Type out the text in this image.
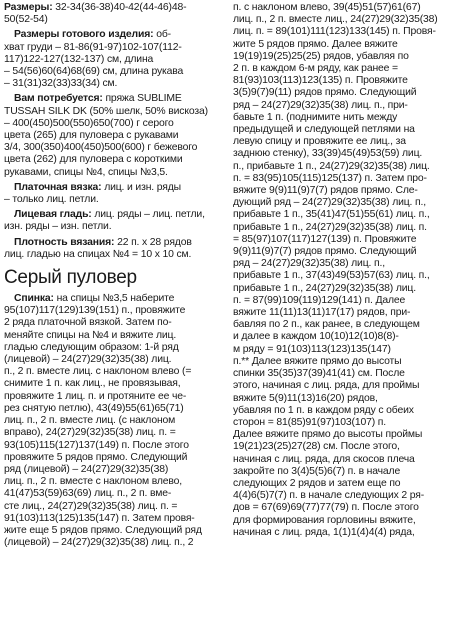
Размеры: 32-34(36-38)40-42(44-46)48-
50(52-54)
Размеры готового изделия: об-
хват груди – 81-86(91-97)102-107(112-
117)122-127(132-137) см, длина
– 54(56)60(64)68(69) см, длина рукава
– 31(31)32(33)33(34) см.
Вам потребуется: пряжа SUBLIME
TUSSAH SILK DK (50% шелк, 50% вискоза)
– 400(450)500(550)650(700) г серого
цвета (265) для пуловера с рукавами
3/4, 300(350)400(450)500(600) г бежевого
цвета (262) для пуловера с короткими
рукавами, спицы №4, спицы №3,5.
Платочная вязка: лиц. и изн. ряды
– только лиц. петли.
Лицевая гладь: лиц. ряды – лиц. петли,
изн. ряды – изн. петли.
Плотность вязания: 22 п. x 28 рядов
лиц. гладью на спицах №4 = 10 x 10 см.
Серый пуловер
Спинка: на спицы №3,5 наберите
95(107)117(129)139(151) п., провяжите
2 ряда платочной вязкой. Затем по-
меняйте спицы на №4 и вяжите лиц.
гладью следующим образом: 1-й ряд
(лицевой) – 24(27)29(32)35(38) лиц.
п., 2 п. вместе лиц. с наклоном влево (=
снимите 1 п. как лиц., не провязывая,
провяжите 1 лиц. п. и протяните ее че-
рез снятую петлю), 43(49)55(61)65(71)
лиц. п., 2 п. вместе лиц. (с наклоном
вправо), 24(27)29(32)35(38) лиц. п. =
93(105)115(127)137(149) п. После этого
провяжите 5 рядов прямо. Следующий
ряд (лицевой) – 24(27)29(32)35(38)
лиц. п., 2 п. вместе с наклоном влево,
41(47)53(59)63(69) лиц. п., 2 п. вме-
сте лиц., 24(27)29(32)35(38) лиц. п. =
91(103)113(125)135(147) п. Затем провя-
жите еще 5 рядов прямо. Следующий ряд
(лицевой) – 24(27)29(32)35(38) лиц. п., 2
п. с наклоном влево, 39(45)51(57)61(67)
лиц. п., 2 п. вместе лиц., 24(27)29(32)35(38)
лиц. п. = 89(101)111(123)133(145) п. Провя-
жите 5 рядов прямо. Далее вяжите
19(19)19(25)25(25) рядов, убавляя по
2 п. в каждом 6-м ряду, как ранее =
81(93)103(113)123(135) п. Провяжите
3(5)9(7)9(11) рядов прямо. Следующий
ряд – 24(27)29(32)35(38) лиц. п., при-
бавьте 1 п. (поднимите нить между
предыдущей и следующей петлями на
левую спицу и провяжите ее лиц., за
заднюю стенку), 33(39)45(49)53(59) лиц.
п., прибавьте 1 п., 24(27)29(32)35(38) лиц.
п. = 83(95)105(115)125(137) п. Затем про-
вяжите 9(9)11(9)7(7) рядов прямо. Сле-
дующий ряд – 24(27)29(32)35(38) лиц. п.,
прибавьте 1 п., 35(41)47(51)55(61) лиц. п.,
прибавьте 1 п., 24(27)29(32)35(38) лиц. п.
= 85(97)107(117)127(139) п. Провяжите
9(9)11(9)7(7) рядов прямо. Следующий
ряд – 24(27)29(32)35(38) лиц. п.,
прибавьте 1 п., 37(43)49(53)57(63) лиц. п.,
прибавьте 1 п., 24(27)29(32)35(38) лиц.
п. = 87(99)109(119)129(141) п. Далее
вяжите 11(11)13(11)17(17) рядов, при-
бавляя по 2 п., как ранее, в следующем
и далее в каждом 10(10)12(10)8(8)-
м ряду = 91(103)113(123)135(147)
п.** Далее вяжите прямо до высоты
спинки 35(35)37(39)41(41) см. После
этого, начиная с лиц. ряда, для проймы
вяжите 5(9)11(13)16(20) рядов,
убавляя по 1 п. в каждом ряду с обеих
сторон = 81(85)91(97)103(107) п.
Далее вяжите прямо до высоты проймы
19(21)23(25)27(28) см. После этого,
начиная с лиц. ряда, для скосов плеча
закройте по 3(4)5(5)6(7) п. в начале
следующих 2 рядов и затем еще по
4(4)6(5)7(7) п. в начале следующих 2 ря-
дов = 67(69)69(77)77(79) п. После этого
для формирования горловины вяжите,
начиная с лиц. ряда, 1(1)1(4)4(4) ряда,
